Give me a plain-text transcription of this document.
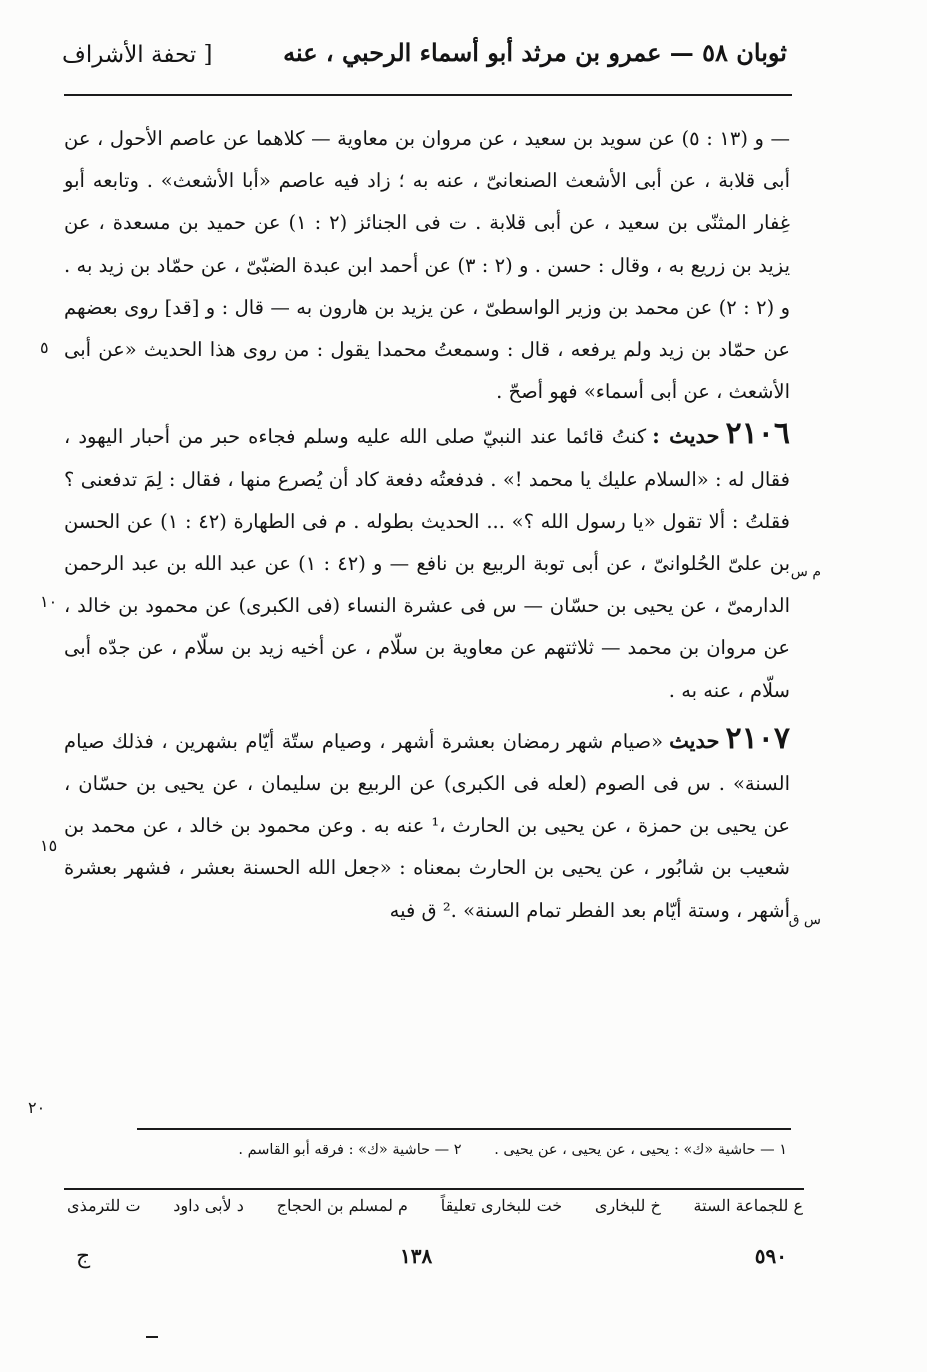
ثوبان ٥٨ — عمرو بن مرثد أبو أسماء الرحبي ، عنه
[ تحفة الأشراف

— و (١٣ : ٥) عن سويد بن سعيد ، عن مروان بن معاوية — كلاهما عن عاصم الأحول ، عن أبى قلابة ، عن أبى الأشعث الصنعانىّ ، عنه به ؛ زاد فيه عاصم «أبا الأشعث» . وتابعه أبو غِفار المثنّى بن سعيد ، عن أبى قلابة . ت فى الجنائز (٢ : ١) عن حميد بن مسعدة ، عن يزيد بن زريع به ، وقال : حسن . و (٢ : ٣) عن أحمد ابن عبدة الضبّىّ ، عن حمّاد بن زيد به . و (٢ : ٢) عن محمد بن وزير الواسطىّ ، عن يزيد بن هارون به — قال : و [قد] روى بعضهم عن حمّاد بن زيد ولم يرفعه ، قال : وسمعتُ محمدا يقول : من روى هذا الحديث «عن أبى الأشعث ، عن أبى أسماء» فهو أصحّ .

٢١٠٦حديث :كنتُ قائما عند النبيّ صلى الله عليه وسلم فجاءه حبر من أحبار اليهود ، فقال له : «السلام عليك يا محمد !» . فدفعتُه دفعة كاد أن يُصرع منها ، فقال : لِمَ تدفعنى ؟ فقلتُ : ألا تقول «يا رسول الله ؟» ... الحديث بطوله . م فى الطهارة (٤٢ : ١) عن الحسن بن علىّ الحُلوانىّ ، عن أبى توبة الربيع بن نافع — و (٤٢ : ١) عن عبد الله بن عبد الرحمن الدارمىّ ، عن يحيى بن حسّان — س فى عشرة النساء (فى الكبرى) عن محمود بن خالد ، عن مروان بن محمد — ثلاثتهم عن معاوية بن سلّام ، عن أخيه زيد بن سلّام ، عن جدّه أبى سلّام ، عنه به .

٢١٠٧حديث«صيام شهر رمضان بعشرة أشهر ، وصيام ستّة أيّام بشهرين ، فذلك صيام السنة» . س فى الصوم (لعله فى الكبرى) عن الربيع بن سليمان ، عن يحيى بن حسّان ، عن يحيى بن حمزة ، عن يحيى بن الحارث ،¹ عنه به . وعن محمود بن خالد ، عن محمد بن شعيب بن شابُور ، عن يحيى بن الحارث بمعناه : «جعل الله الحسنة بعشر ، فشهر بعشرة أشهر ، وستة أيّام بعد الفطر تمام السنة» .² ق فيه

م س
س ق
٥
١٠
١٥
٢٠
١ — حاشية «ك» : يحيى ، عن يحيى ، عن يحيى . ٢ — حاشية «ك» : فرقه أبو القاسم .
ع للجماعة الستة
خ للبخارى
خت للبخارى تعليقاً
م لمسلم بن الحجاج
د لأبى داود
ت للترمذى
٥٩٠
١٣٨
ج
